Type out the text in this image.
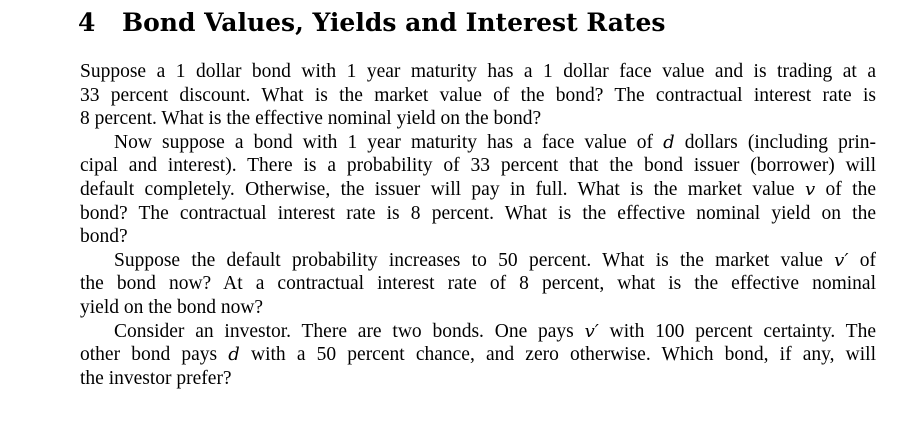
4 Bond Values, Yields and Interest Rates

Suppose a 1 dollar bond with 1 year maturity has a 1 dollar face value and is trading at a
33 percent discount. What is the market value of the bond? The contractual interest rate is
8 percent. What is the effective nominal yield on the bond?

Now suppose a bond with 1 year maturity has a face value of d dollars (including prin-
cipal and interest). There is a probability of 33 percent that the bond issuer (borrower) will
default completely. Otherwise, the issuer will pay in full. What is the market value v of the
bond? The contractual interest rate is 8 percent. What is the effective nominal yield on the
bond?

Suppose the default probability increases to 50 percent. What is the market value v′ of
the bond now? At a contractual interest rate of 8 percent, what is the effective nominal
yield on the bond now?

Consider an investor. There are two bonds. One pays v′ with 100 percent certainty. The
other bond pays d with a 50 percent chance, and zero otherwise. Which bond, if any, will
the investor prefer?
